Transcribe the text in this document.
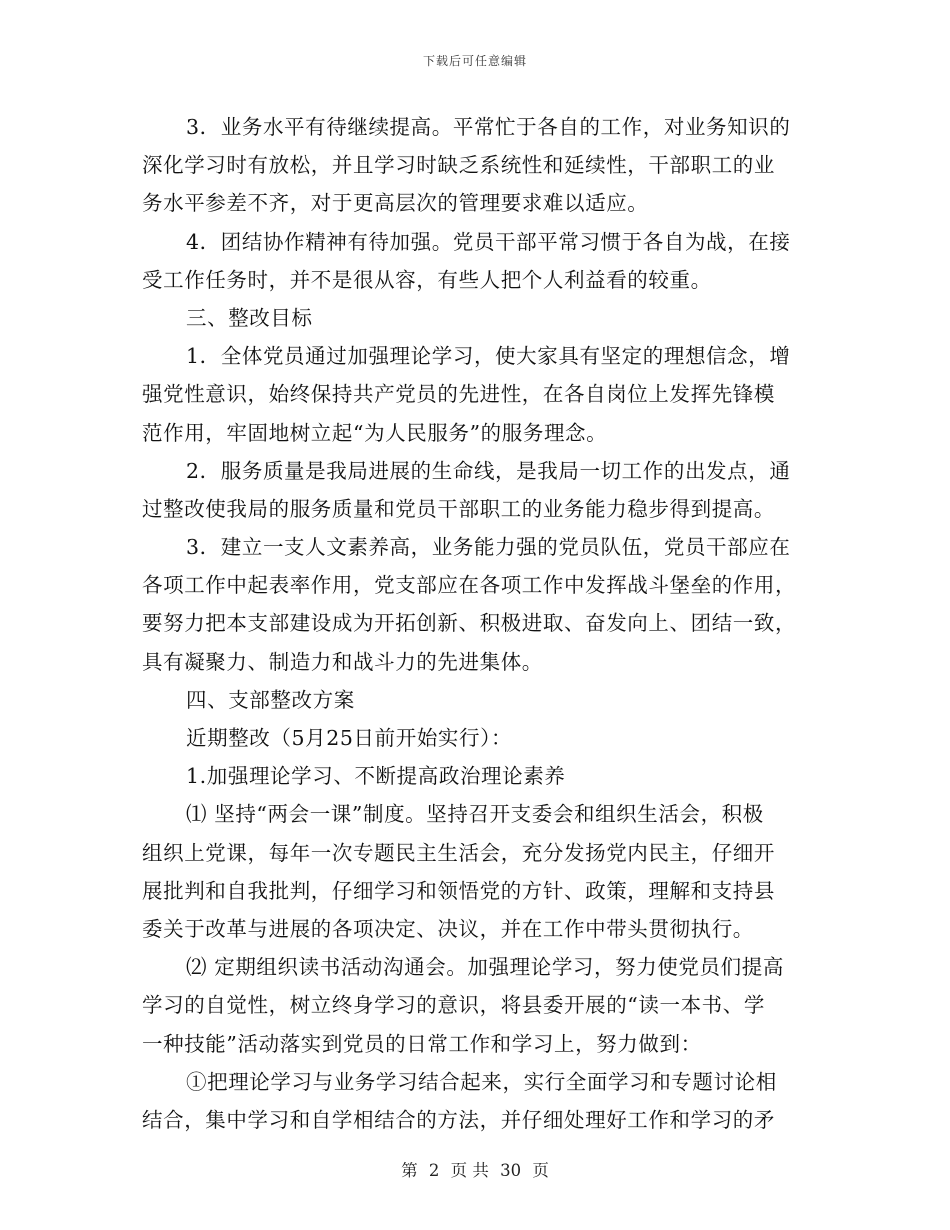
下载后可任意编辑
3．业务水平有待继续提高。平常忙于各自的工作，对业务知识的
深化学习时有放松，并且学习时缺乏系统性和延续性，干部职工的业
务水平参差不齐，对于更高层次的管理要求难以适应。
4．团结协作精神有待加强。党员干部平常习惯于各自为战，在接
受工作任务时，并不是很从容，有些人把个人利益看的较重。
三、整改目标
1．全体党员通过加强理论学习，使大家具有坚定的理想信念，增
强党性意识，始终保持共产党员的先进性，在各自岗位上发挥先锋模
范作用，牢固地树立起“为人民服务”的服务理念。
2．服务质量是我局进展的生命线，是我局一切工作的出发点，通
过整改使我局的服务质量和党员干部职工的业务能力稳步得到提高。
3．建立一支人文素养高，业务能力强的党员队伍，党员干部应在
各项工作中起表率作用，党支部应在各项工作中发挥战斗堡垒的作用，
要努力把本支部建设成为开拓创新、积极进取、奋发向上、团结一致，
具有凝聚力、制造力和战斗力的先进集体。
四、支部整改方案
近期整改（5月25日前开始实行）：
1.加强理论学习、不断提高政治理论素养
⑴ 坚持“两会一课”制度。坚持召开支委会和组织生活会，积极
组织上党课，每年一次专题民主生活会，充分发扬党内民主，仔细开
展批判和自我批判，仔细学习和领悟党的方针、政策，理解和支持县
委关于改革与进展的各项决定、决议，并在工作中带头贯彻执行。
⑵ 定期组织读书活动沟通会。加强理论学习，努力使党员们提高
学习的自觉性，树立终身学习的意识，将县委开展的“读一本书、学
一种技能”活动落实到党员的日常工作和学习上，努力做到：
①把理论学习与业务学习结合起来，实行全面学习和专题讨论相
结合，集中学习和自学相结合的方法，并仔细处理好工作和学习的矛
第 2 页 共 30 页
